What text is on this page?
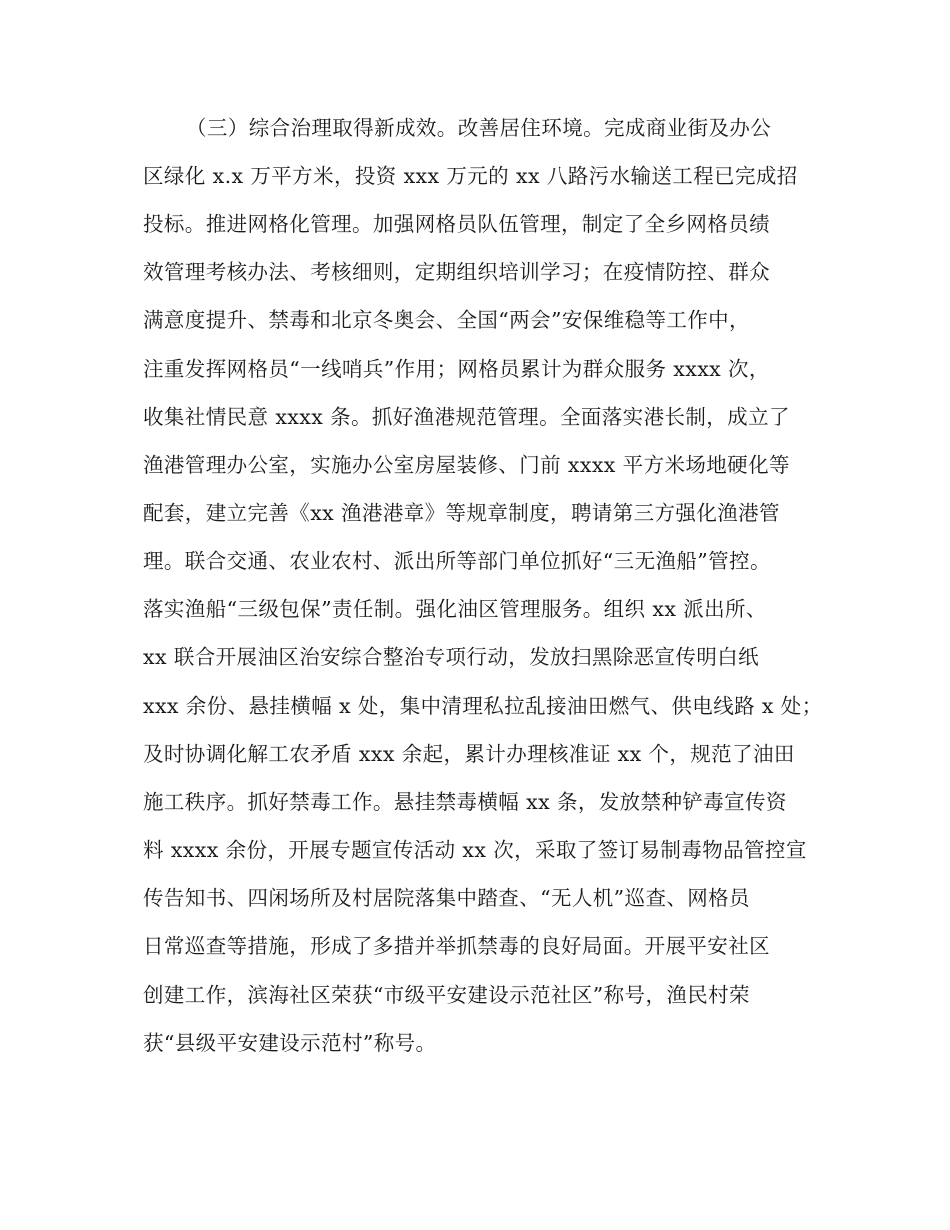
（三）综合治理取得新成效。改善居住环境。完成商业街及办公
区绿化 x.x 万平方米，投资 xxx 万元的 xx 八路污水输送工程已完成招
投标。推进网格化管理。加强网格员队伍管理，制定了全乡网格员绩
效管理考核办法、考核细则，定期组织培训学习；在疫情防控、群众
满意度提升、禁毒和北京冬奥会、全国“两会”安保维稳等工作中，
注重发挥网格员“一线哨兵”作用；网格员累计为群众服务 xxxx 次，
收集社情民意 xxxx 条。抓好渔港规范管理。全面落实港长制，成立了
渔港管理办公室，实施办公室房屋装修、门前 xxxx 平方米场地硬化等
配套，建立完善《xx 渔港港章》等规章制度，聘请第三方强化渔港管
理。联合交通、农业农村、派出所等部门单位抓好“三无渔船”管控。
落实渔船“三级包保”责任制。强化油区管理服务。组织 xx 派出所、
xx 联合开展油区治安综合整治专项行动，发放扫黑除恶宣传明白纸
xxx 余份、悬挂横幅 x 处，集中清理私拉乱接油田燃气、供电线路 x 处；
及时协调化解工农矛盾 xxx 余起，累计办理核准证 xx 个，规范了油田
施工秩序。抓好禁毒工作。悬挂禁毒横幅 xx 条，发放禁种铲毒宣传资
料 xxxx 余份，开展专题宣传活动 xx 次，采取了签订易制毒物品管控宣
传告知书、四闲场所及村居院落集中踏查、“无人机”巡查、网格员
日常巡查等措施，形成了多措并举抓禁毒的良好局面。开展平安社区
创建工作，滨海社区荣获“市级平安建设示范社区”称号，渔民村荣
获“县级平安建设示范村”称号。
